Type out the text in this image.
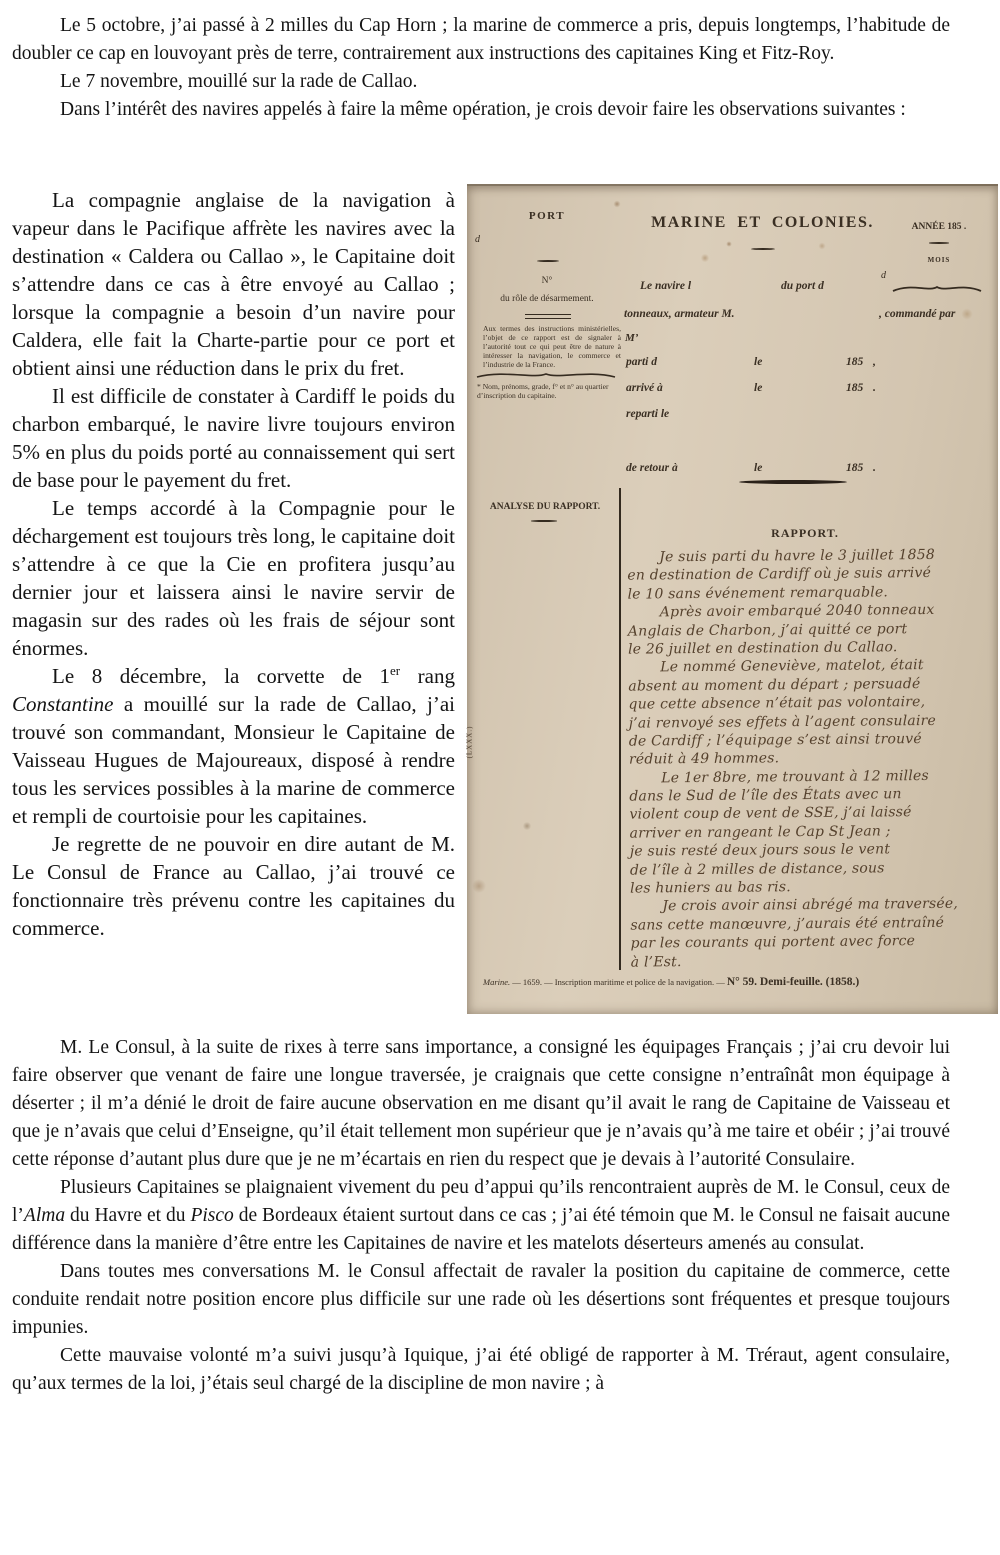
Le 5 octobre, j’ai passé à 2 milles du Cap Horn ; la marine de commerce a pris, depuis longtemps, l’habitude de doubler ce cap en louvoyant près de terre, contrairement aux instructions des capitaines King et Fitz-Roy.

Le 7 novembre, mouillé sur la rade de Callao.

Dans l’intérêt des navires appelés à faire la même opération, je crois devoir faire les observations suivantes :

La compagnie anglaise de la navigation à vapeur dans le Pacifique affrète les navires avec la destination « Caldera ou Callao », le Capitaine doit s’attendre dans ce cas à être envoyé au Callao ; lorsque la compagnie a besoin d’un navire pour Caldera, elle fait la Charte-partie pour ce port et obtient ainsi une réduction dans le prix du fret.

Il est difficile de constater à Cardiff le poids du charbon embarqué, le navire livre toujours environ 5% en plus du poids porté au connaissement qui sert de base pour le payement du fret.

Le temps accordé à la Compagnie pour le déchargement est toujours très long, le capitaine doit s’attendre à ce que la Cie en profitera jusqu’au dernier jour et laissera ainsi le navire servir de magasin sur des rades où les frais de séjour sont énormes.

Le 8 décembre, la corvette de 1er rang Constantine a mouillé sur la rade de Callao, j’ai trouvé son commandant, Monsieur le Capitaine de Vaisseau Hugues de Majoureaux, disposé à rendre tous les services possibles à la marine de commerce et rempli de courtoisie pour les capitaines.

Je regrette de ne pouvoir en dire autant de M. Le Consul de France au Callao, j’ai trouvé ce fonctionnaire très prévenu contre les capitaines du commerce.

PORT
d
N°
du rôle de désarmement.
Aux termes des instructions ministérielles, l’objet de ce rapport est de signaler à l’autorité tout ce qui peut être de nature à intéresser la navigation, le commerce et l’industrie de la France.
* Nom, prénoms, grade, f° et n° au quartier d’inscription du capitaine.
MARINE ET COLONIES.
Le navire l	du port d
tonneaux, armateur M.	, commandé par
M’
ANNÉE 185 .
MOIS
d
parti d	le	185 ,
arrivé à	le	185 .
reparti le
de retour à	le	185 .
ANALYSE DU RAPPORT.
RAPPORT.
Je suis parti du havre le 3 juillet 1858
en destination de Cardiff où je suis arrivé
le 10 sans événement remarquable.
Après avoir embarqué 2040 tonneaux
Anglais de Charbon, j’ai quitté ce port
le 26 juillet en destination du Callao.
Le nommé Geneviève, matelot, était
absent au moment du départ ; persuadé
que cette absence n’était pas volontaire,
j’ai renvoyé ses effets à l’agent consulaire
de Cardiff ; l’équipage s’est ainsi trouvé
réduit à 49 hommes.
Le 1er 8bre, me trouvant à 12 milles
dans le Sud de l’île des États avec un
violent coup de vent de SSE, j’ai laissé
arriver en rangeant le Cap St Jean ;
je suis resté deux jours sous le vent
de l’île à 2 milles de distance, sous
les huniers au bas ris.
Je crois avoir ainsi abrégé ma traversée,
sans cette manœuvre, j’aurais été entraîné
par les courants qui portent avec force
à l’Est.
(LXXX.)
Marine. — 1659. — Inscription maritime et police de la navigation. — N° 59. Demi-feuille. (1858.)

M. Le Consul, à la suite de rixes à terre sans importance, a consigné les équipages Français ; j’ai cru devoir lui faire observer que venant de faire une longue traversée, je craignais que cette consigne n’entraînât mon équipage à déserter ; il m’a dénié le droit de faire aucune observation en me disant qu’il avait le rang de Capitaine de Vaisseau et que je n’avais que celui d’Enseigne, qu’il était tellement mon supérieur que je n’avais qu’à me taire et obéir ; j’ai trouvé cette réponse d’autant plus dure que je ne m’écartais en rien du respect que je devais à l’autorité Consulaire.

Plusieurs Capitaines se plaignaient vivement du peu d’appui qu’ils rencontraient auprès de M. le Consul, ceux de l’Alma du Havre et du Pisco de Bordeaux étaient surtout dans ce cas ; j’ai été témoin que M. le Consul ne faisait aucune différence dans la manière d’être entre les Capitaines de navire et les matelots déserteurs amenés au consulat.

Dans toutes mes conversations M. le Consul affectait de ravaler la position du capitaine de commerce, cette conduite rendait notre position encore plus difficile sur une rade où les désertions sont fréquentes et presque toujours impunies.

Cette mauvaise volonté m’a suivi jusqu’à Iquique, j’ai été obligé de rapporter à M. Tréraut, agent consulaire, qu’aux termes de la loi, j’étais seul chargé de la discipline de mon navire ; à
